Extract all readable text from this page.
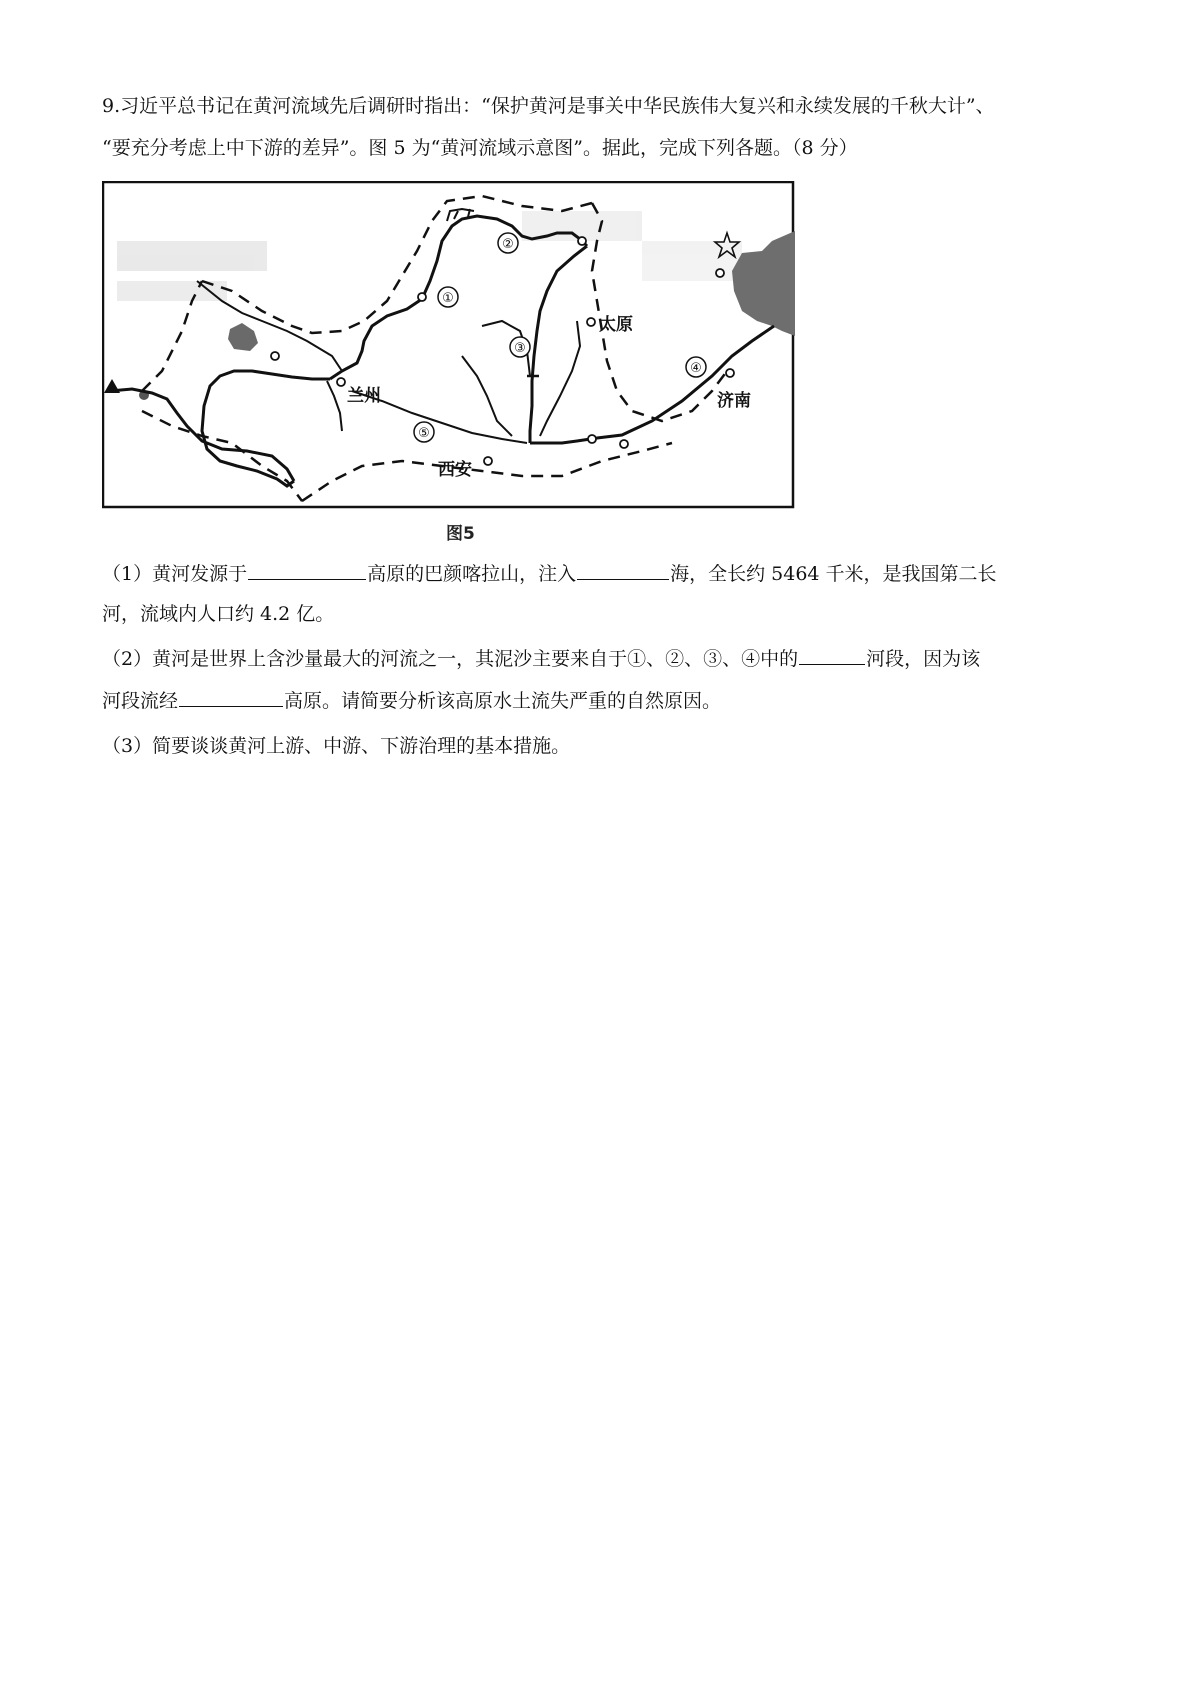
9.习近平总书记在黄河流域先后调研时指出：“保护黄河是事关中华民族伟大复兴和永续发展的千秋大计”、
“要充分考虑上中下游的差异”。图 5 为“黄河流域示意图”。据此，完成下列各题。（8 分）
①
②
③
④
⑤
兰州
太原
西安
济南
图5
（1）黄河发源于	高原的巴颜喀拉山，注入	海，全长约 5464 千米，是我国第二长
河，流域内人口约 4.2 亿。
（2）黄河是世界上含沙量最大的河流之一，其泥沙主要来自于①、②、③、④中的	河段，因为该
河段流经	高原。请简要分析该高原水土流失严重的自然原因。
（3）简要谈谈黄河上游、中游、下游治理的基本措施。
